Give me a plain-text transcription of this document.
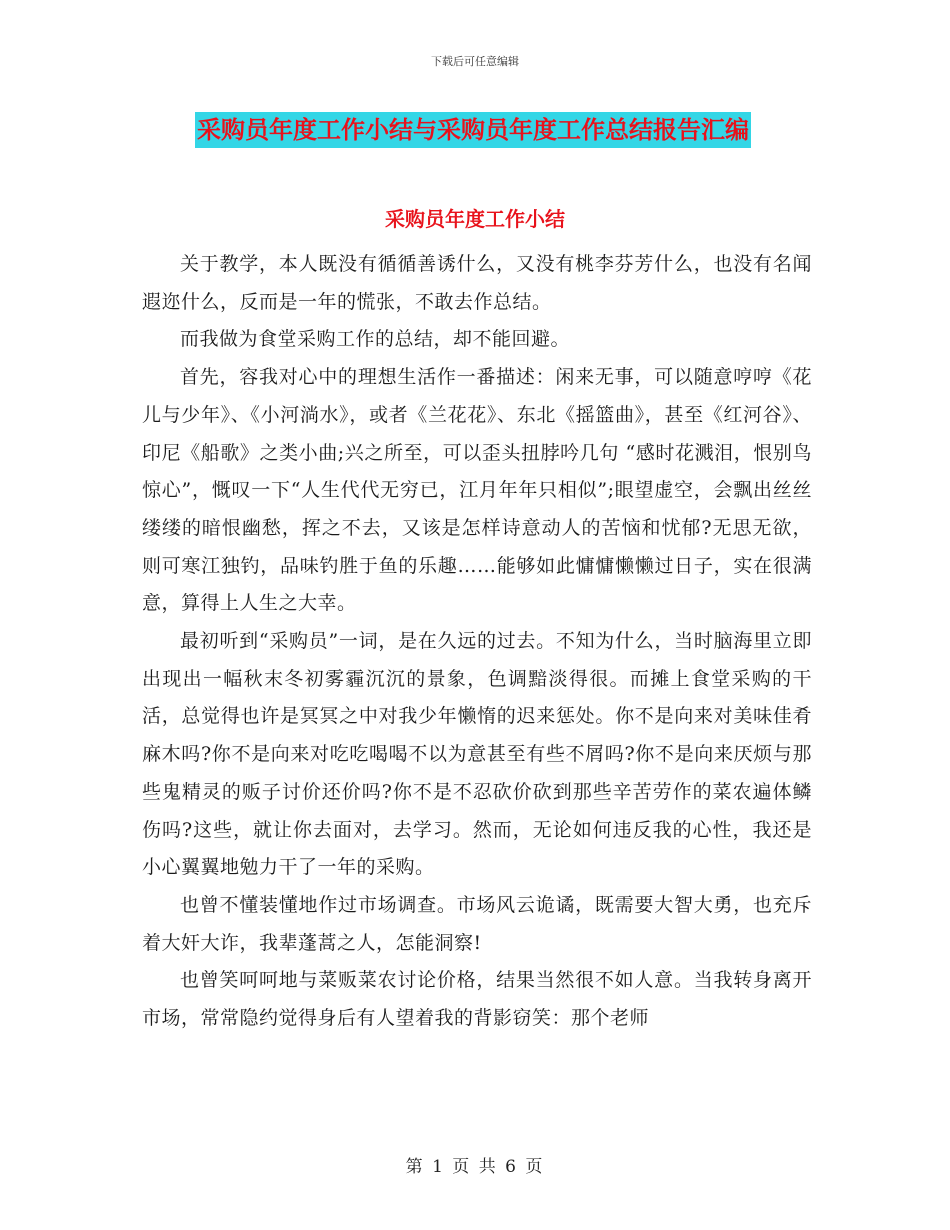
下载后可任意编辑
采购员年度工作小结与采购员年度工作总结报告汇编
采购员年度工作小结

关于教学，本人既没有循循善诱什么，又没有桃李芬芳什么，也没有名闻遐迩什么，反而是一年的慌张，不敢去作总结。

而我做为食堂采购工作的总结，却不能回避。

首先，容我对心中的理想生活作一番描述：闲来无事，可以随意哼哼《花儿与少年》、《小河淌水》，或者《兰花花》、东北《摇篮曲》，甚至《红河谷》、印尼《船歌》之类小曲;兴之所至，可以歪头扭脖吟几句 “感时花溅泪，恨别鸟惊心”，慨叹一下“人生代代无穷已，江月年年只相似”;眼望虚空，会飘出丝丝缕缕的暗恨幽愁，挥之不去，又该是怎样诗意动人的苦恼和忧郁?无思无欲，则可寒江独钓，品味钓胜于鱼的乐趣……能够如此慵慵懒懒过日子，实在很满意，算得上人生之大幸。

最初听到“采购员”一词，是在久远的过去。不知为什么，当时脑海里立即出现出一幅秋末冬初雾霾沉沉的景象，色调黯淡得很。而摊上食堂采购的干活，总觉得也许是冥冥之中对我少年懒惰的迟来惩处。你不是向来对美味佳肴麻木吗?你不是向来对吃吃喝喝不以为意甚至有些不屑吗?你不是向来厌烦与那些鬼精灵的贩子讨价还价吗?你不是不忍砍价砍到那些辛苦劳作的菜农遍体鳞伤吗?这些，就让你去面对，去学习。然而，无论如何违反我的心性，我还是小心翼翼地勉力干了一年的采购。

也曾不懂装懂地作过市场调查。市场风云诡谲，既需要大智大勇，也充斥着大奸大诈，我辈蓬蒿之人，怎能洞察!

也曾笑呵呵地与菜贩菜农讨论价格，结果当然很不如人意。当我转身离开市场，常常隐约觉得身后有人望着我的背影窃笑：那个老师

第 1 页 共 6 页
